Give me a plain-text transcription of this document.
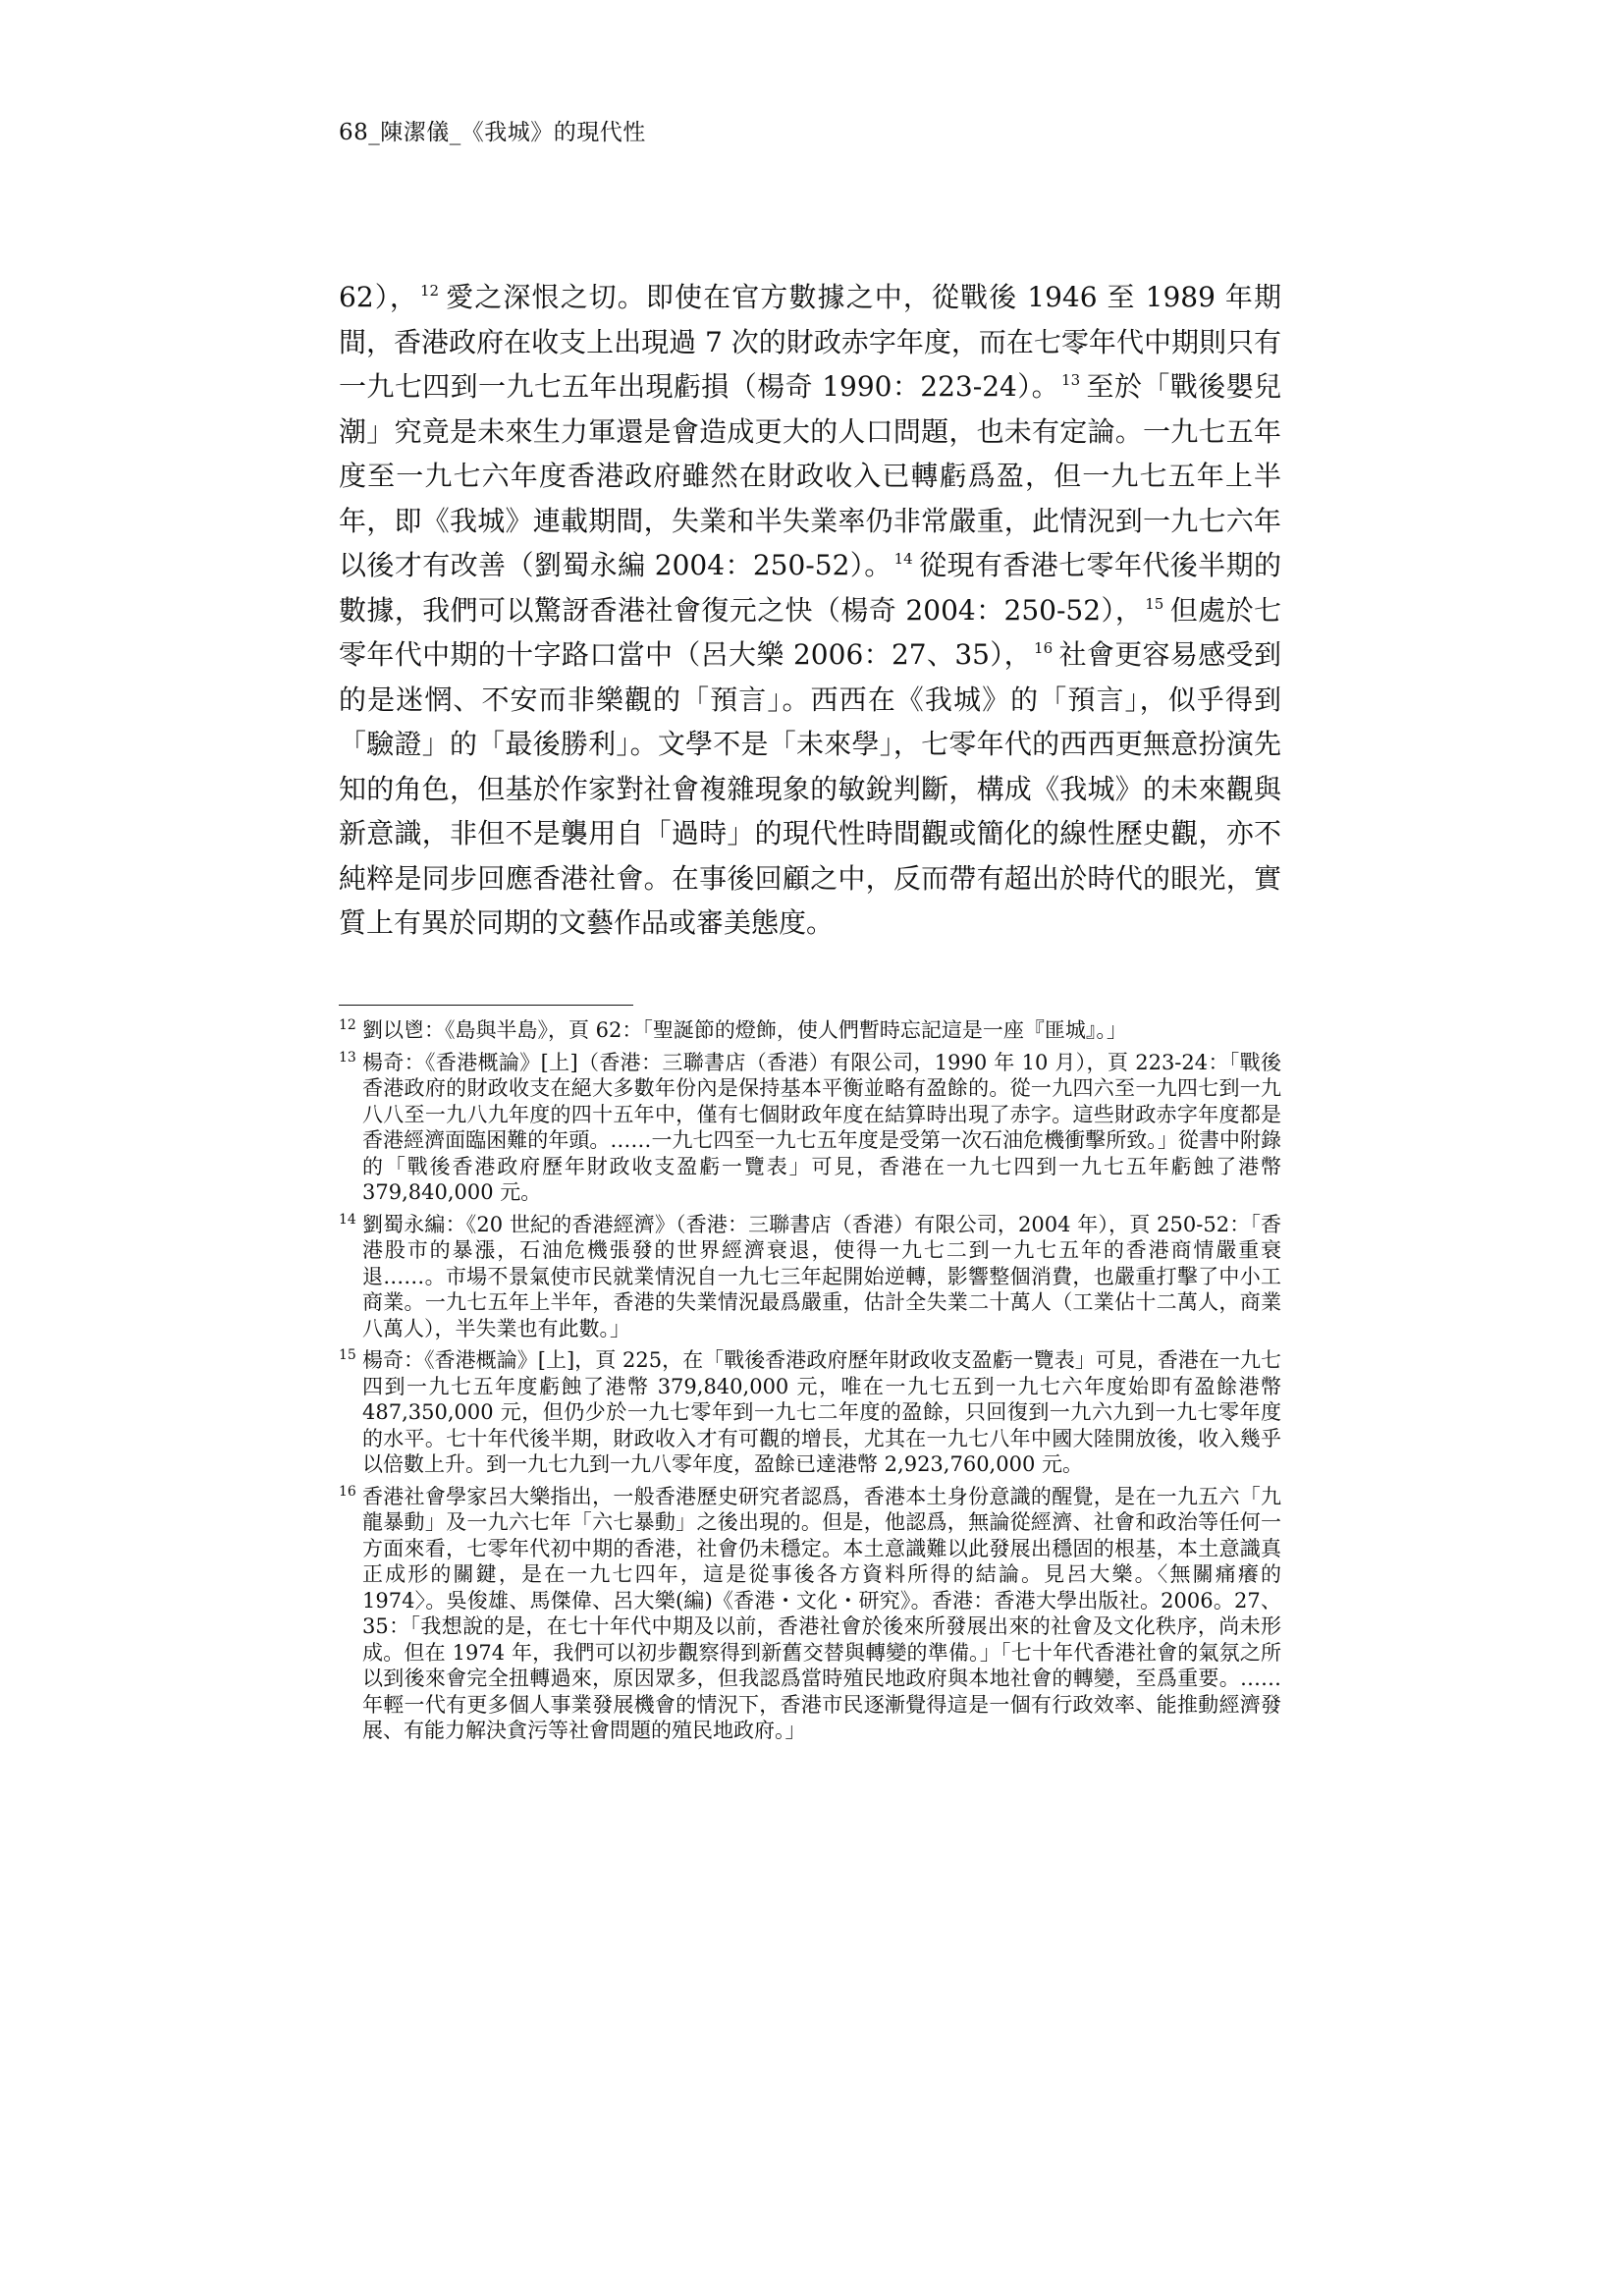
68_陳潔儀_《我城》的現代性

62）， $^{12}$ 愛之深恨之切。即使在官方數據之中，從戰後 1946 至 1989 年期間，香港政府在收支上出現過 7 次的財政赤字年度，而在七零年代中期則只有一九七四到一九七五年出現虧損（楊奇 1990：223-24）。 $^{13}$ 至於「戰後嬰兒潮」究竟是未來生力軍還是會造成更大的人口問題，也未有定論。一九七五年度至一九七六年度香港政府雖然在財政收入已轉虧爲盈，但一九七五年上半年，即《我城》連載期間，失業和半失業率仍非常嚴重，此情況到一九七六年以後才有改善（劉蜀永編 2004：250-52）。 $^{14}$ 從現有香港七零年代後半期的數據，我們可以驚訝香港社會復元之快（楊奇 2004：250-52）， $^{15}$ 但處於七零年代中期的十字路口當中（呂大樂 2006：27、35）， $^{16}$ 社會更容易感受到的是迷惘、不安而非樂觀的「預言」。西西在《我城》的「預言」，似乎得到「驗證」的「最後勝利」。文學不是「未來學」，七零年代的西西更無意扮演先知的角色，但基於作家對社會複雜現象的敏銳判斷，構成《我城》的未來觀與新意識，非但不是襲用自「過時」的現代性時間觀或簡化的線性歷史觀，亦不純粹是同步回應香港社會。在事後回顧之中，反而帶有超出於時代的眼光，實質上有異於同期的文藝作品或審美態度。

12 劉以鬯：《島與半島》，頁 62：「聖誕節的燈飾，使人們暫時忘記這是一座『匪城』。」
13 楊奇：《香港概論》[上]（香港：三聯書店（香港）有限公司，1990 年 10 月），頁 223-24：「戰後香港政府的財政收支在絕大多數年份內是保持基本平衡並略有盈餘的。從一九四六至一九四七到一九八八至一九八九年度的四十五年中，僅有七個財政年度在結算時出現了赤字。這些財政赤字年度都是香港經濟面臨困難的年頭。……一九七四至一九七五年度是受第一次石油危機衝擊所致。」從書中附錄的「戰後香港政府歷年財政收支盈虧一覽表」可見，香港在一九七四到一九七五年虧蝕了港幣 379,840,000 元。
14 劉蜀永編：《20 世紀的香港經濟》（香港：三聯書店（香港）有限公司，2004 年），頁 250-52：「香港股市的暴漲，石油危機張發的世界經濟衰退，使得一九七二到一九七五年的香港商情嚴重衰退……。市場不景氣使市民就業情況自一九七三年起開始逆轉，影響整個消費，也嚴重打擊了中小工商業。一九七五年上半年，香港的失業情況最爲嚴重，估計全失業二十萬人（工業佔十二萬人，商業八萬人），半失業也有此數。」
15 楊奇：《香港概論》[上]，頁 225，在「戰後香港政府歷年財政收支盈虧一覽表」可見，香港在一九七四到一九七五年度虧蝕了港幣 379,840,000 元，唯在一九七五到一九七六年度始即有盈餘港幣 487,350,000 元，但仍少於一九七零年到一九七二年度的盈餘，只回復到一九六九到一九七零年度的水平。七十年代後半期，財政收入才有可觀的增長，尤其在一九七八年中國大陸開放後，收入幾乎以倍數上升。到一九七九到一九八零年度，盈餘已達港幣 2,923,760,000 元。
16 香港社會學家呂大樂指出，一般香港歷史研究者認爲，香港本土身份意識的醒覺，是在一九五六「九龍暴動」及一九六七年「六七暴動」之後出現的。但是，他認爲，無論從經濟、社會和政治等任何一方面來看，七零年代初中期的香港，社會仍未穩定。本土意識難以此發展出穩固的根基，本土意識真正成形的關鍵，是在一九七四年，這是從事後各方資料所得的結論。見呂大樂。〈無關痛癢的 1974〉。吳俊雄、馬傑偉、呂大樂(編)《香港・文化・研究》。香港：香港大學出版社。2006。27、35：「我想說的是，在七十年代中期及以前，香港社會於後來所發展出來的社會及文化秩序，尚未形成。但在 1974 年，我們可以初步觀察得到新舊交替與轉變的準備。」「七十年代香港社會的氣氛之所以到後來會完全扭轉過來，原因眾多，但我認爲當時殖民地政府與本地社會的轉變，至爲重要。……年輕一代有更多個人事業發展機會的情況下，香港市民逐漸覺得這是一個有行政效率、能推動經濟發展、有能力解決貪污等社會問題的殖民地政府。」
